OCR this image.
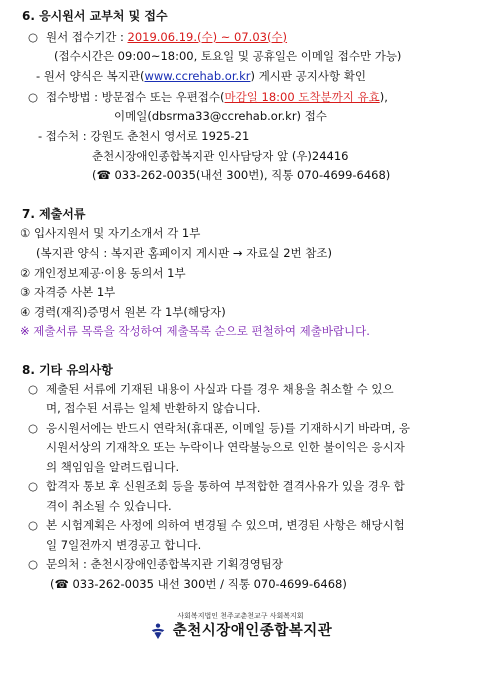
6. 응시원서 교부처 및 접수
○ 원서 접수기간 : 2019.06.19.(수) ~ 07.03(수)
(접수시간은 09:00~18:00, 토요일 및 공휴일은 이메일 접수만 가능)
- 원서 양식은 복지관(www.ccrehab.or.kr) 게시판 공지사항 확인
○ 접수방법 : 방문접수 또는 우편접수(마감일 18:00 도착분까지 유효),
이메일(dbsrma33@ccrehab.or.kr) 접수
- 접수처 : 강원도 춘천시 영서로 1925-21
춘천시장애인종합복지관 인사담당자 앞 (우)24416
(☎ 033-262-0035(내선 300번), 직통 070-4699-6468)
7. 제출서류
① 입사지원서 및 자기소개서 각 1부
(복지관 양식 : 복지관 홈페이지 게시판 → 자료실 2번 참조)
② 개인정보제공·이용 동의서 1부
③ 자격증 사본 1부
④ 경력(재직)증명서 원본 각 1부(해당자)
※ 제출서류 목록을 작성하여 제출목록 순으로 편철하여 제출바랍니다.
8. 기타 유의사항
○ 제출된 서류에 기재된 내용이 사실과 다를 경우 채용을 취소할 수 있으
며, 접수된 서류는 일체 반환하지 않습니다.
○ 응시원서에는 반드시 연락처(휴대폰, 이메일 등)를 기재하시기 바라며, 응
시원서상의 기재착오 또는 누락이나 연락불능으로 인한 불이익은 응시자
의 책임임을 알려드립니다.
○ 합격자 통보 후 신원조회 등을 통하여 부적합한 결격사유가 있을 경우 합
격이 취소될 수 있습니다.
○ 본 시험계획은 사정에 의하여 변경될 수 있으며, 변경된 사항은 해당시험
일 7일전까지 변경공고 합니다.
○ 문의처 : 춘천시장애인종합복지관 기획경영팀장
(☎ 033-262-0035 내선 300번 / 직통 070-4699-6468)
사회복지법인 천주교춘천교구 사회복지회
춘천시장애인종합복지관
